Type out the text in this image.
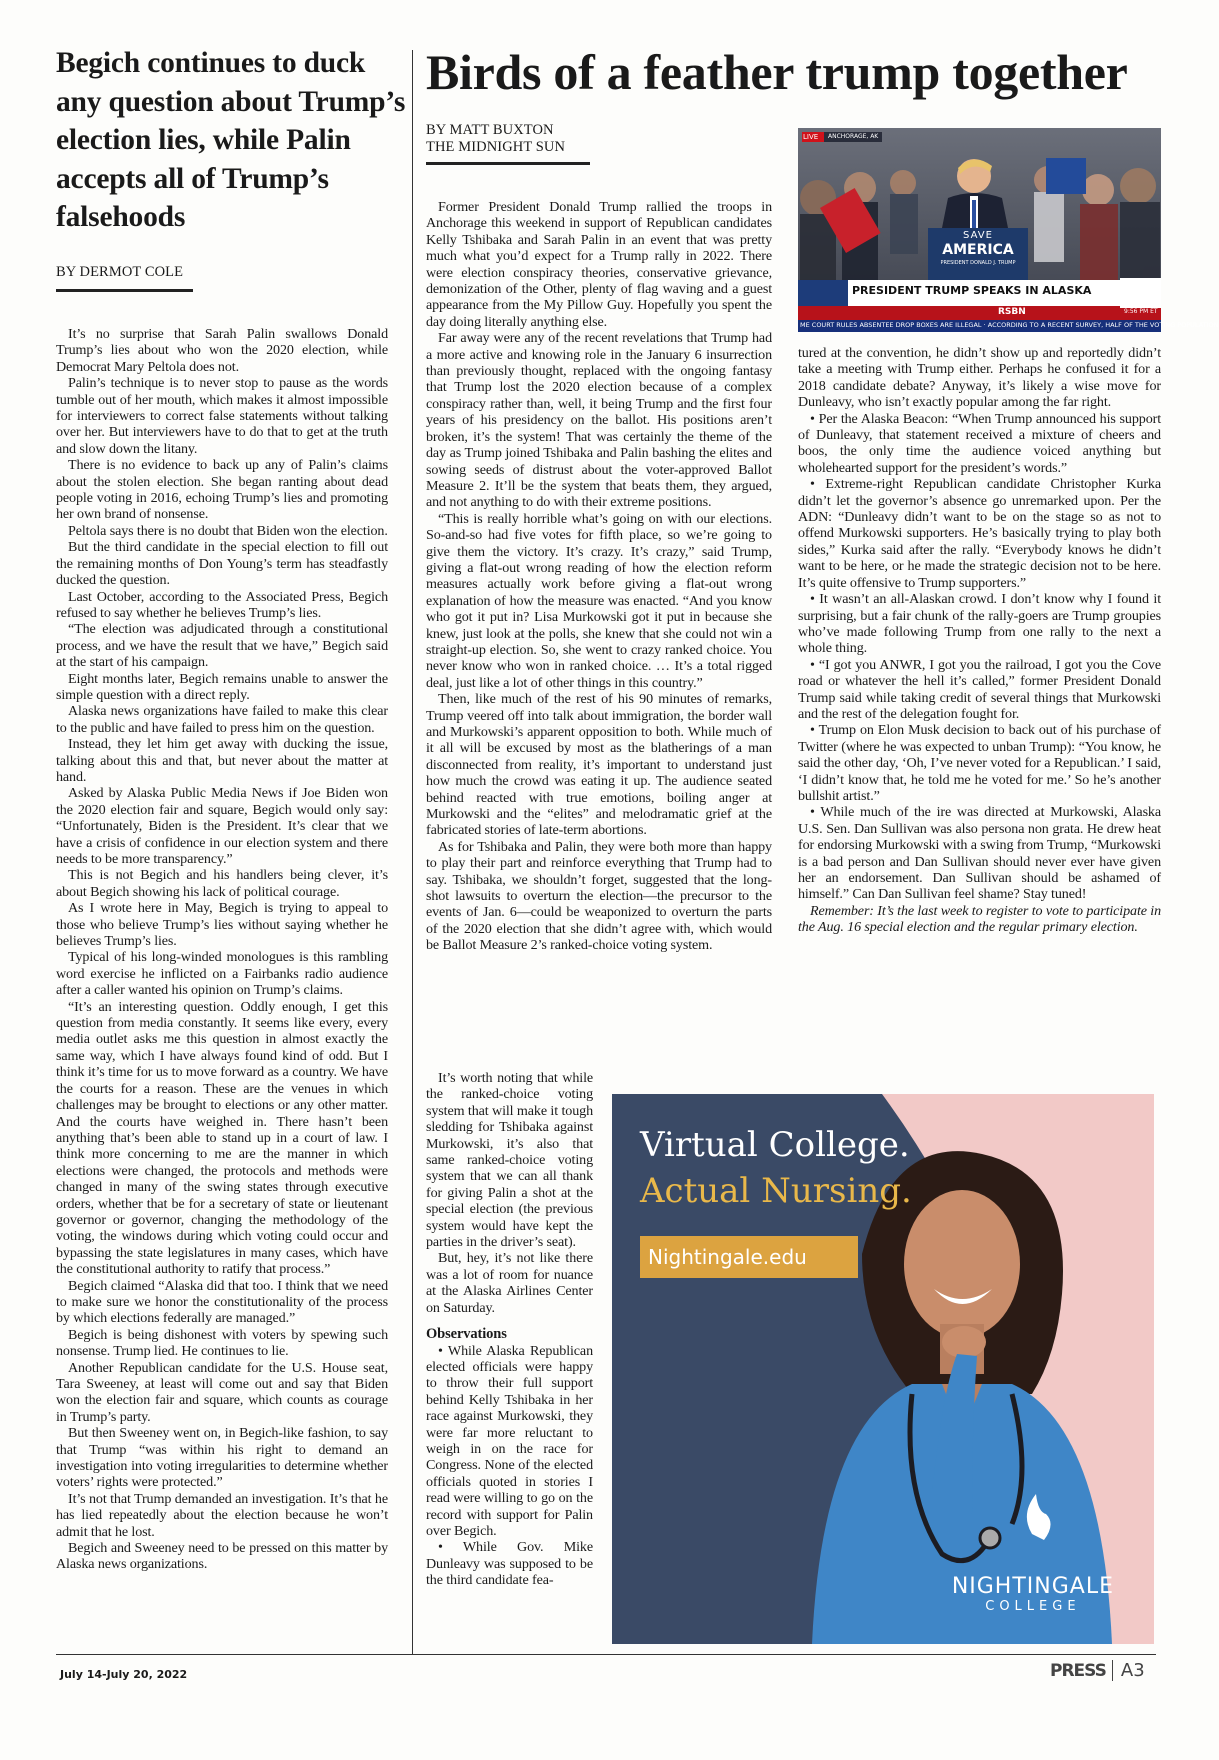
Begich continues to duck any question about Trump’s election lies, while Palin accepts all of Trump’s falsehoods
BY DERMOT COLE

It’s no surprise that Sarah Palin swallows Donald Trump’s lies about who won the 2020 election, while Democrat Mary Peltola does not.

Palin’s technique is to never stop to pause as the words tumble out of her mouth, which makes it almost impossible for interviewers to correct false statements without talking over her. But interviewers have to do that to get at the truth and slow down the litany.

There is no evidence to back up any of Palin’s claims about the stolen election. She began ranting about dead people voting in 2016, echoing Trump’s lies and promoting her own brand of nonsense.

Peltola says there is no doubt that Biden won the election.

But the third candidate in the special election to fill out the remaining months of Don Young’s term has steadfastly ducked the question.

Last October, according to the Associated Press, Begich refused to say whether he believes Trump’s lies.

“The election was adjudicated through a constitutional process, and we have the result that we have,” Begich said at the start of his campaign.

Eight months later, Begich remains unable to answer the simple question with a direct reply.

Alaska news organizations have failed to make this clear to the public and have failed to press him on the question.

Instead, they let him get away with ducking the issue, talking about this and that, but never about the matter at hand.

Asked by Alaska Public Media News if Joe Biden won the 2020 election fair and square, Begich would only say: “Unfortunately, Biden is the President. It’s clear that we have a crisis of confidence in our election system and there needs to be more transparency.”

This is not Begich and his handlers being clever, it’s about Begich showing his lack of political courage.

As I wrote here in May, Begich is trying to appeal to those who believe Trump’s lies without saying whether he believes Trump’s lies.

Typical of his long-winded monologues is this rambling word exercise he inflicted on a Fairbanks radio audience after a caller wanted his opinion on Trump’s claims.

“It’s an interesting question. Oddly enough, I get this question from media constantly. It seems like every, every media outlet asks me this question in almost exactly the same way, which I have always found kind of odd. But I think it’s time for us to move forward as a country. We have the courts for a reason. These are the venues in which challenges may be brought to elections or any other matter. And the courts have weighed in. There hasn’t been anything that’s been able to stand up in a court of law. I think more concerning to me are the manner in which elections were changed, the protocols and methods were changed in many of the swing states through executive orders, whether that be for a secretary of state or lieutenant governor or governor, changing the methodology of the voting, the windows during which voting could occur and bypassing the state legislatures in many cases, which have the constitutional authority to ratify that process.”

Begich claimed “Alaska did that too. I think that we need to make sure we honor the constitutionality of the process by which elections federally are managed.”

Begich is being dishonest with voters by spewing such nonsense. Trump lied. He continues to lie.

Another Republican candidate for the U.S. House seat, Tara Sweeney, at least will come out and say that Biden won the election fair and square, which counts as courage in Trump’s party.

But then Sweeney went on, in Begich-like fashion, to say that Trump “was within his right to demand an investigation into voting irregularities to determine whether voters’ rights were protected.”

It’s not that Trump demanded an investigation. It’s that he has lied repeatedly about the election because he won’t admit that he lost.

Begich and Sweeney need to be pressed on this matter by Alaska news organizations.

Birds of a feather trump together
BY MATT BUXTON
THE MIDNIGHT SUN

Former President Donald Trump rallied the troops in Anchorage this weekend in support of Republican candidates Kelly Tshibaka and Sarah Palin in an event that was pretty much what you’d expect for a Trump rally in 2022. There were election conspiracy theories, conservative grievance, demonization of the Other, plenty of flag waving and a guest appearance from the My Pillow Guy. Hopefully you spent the day doing literally anything else.

Far away were any of the recent revelations that Trump had a more active and knowing role in the January 6 insurrection than previously thought, replaced with the ongoing fantasy that Trump lost the 2020 election because of a complex conspiracy rather than, well, it being Trump and the first four years of his presidency on the ballot. His positions aren’t broken, it’s the system! That was certainly the theme of the day as Trump joined Tshibaka and Palin bashing the elites and sowing seeds of distrust about the voter-approved Ballot Measure 2. It’ll be the system that beats them, they argued, and not anything to do with their extreme positions.

“This is really horrible what’s going on with our elections. So-and-so had five votes for fifth place, so we’re going to give them the victory. It’s crazy. It’s crazy,” said Trump, giving a flat-out wrong reading of how the election reform measures actually work before giving a flat-out wrong explanation of how the measure was enacted. “And you know who got it put in? Lisa Murkowski got it put in because she knew, just look at the polls, she knew that she could not win a straight-up election. So, she went to crazy ranked choice. You never know who won in ranked choice. … It’s a total rigged deal, just like a lot of other things in this country.”

Then, like much of the rest of his 90 minutes of remarks, Trump veered off into talk about immigration, the border wall and Murkowski’s apparent opposition to both. While much of it all will be excused by most as the blatherings of a man disconnected from reality, it’s important to understand just how much the crowd was eating it up. The audience seated behind reacted with true emotions, boiling anger at Murkowski and the “elites” and melodramatic grief at the fabricated stories of late-term abortions.

As for Tshibaka and Palin, they were both more than happy to play their part and reinforce everything that Trump had to say. Tshibaka, we shouldn’t forget, suggested that the long-shot lawsuits to overturn the election—the precursor to the events of Jan. 6—could be weaponized to overturn the parts of the 2020 election that she didn’t agree with, which would be Ballot Measure 2’s ranked-choice voting system.

It’s worth noting that while the ranked-choice voting system that will make it tough sledding for Tshibaka against Murkowski, it’s also that same ranked-choice voting system that we can all thank for giving Palin a shot at the special election (the previous system would have kept the parties in the driver’s seat).

But, hey, it’s not like there was a lot of room for nuance at the Alaska Airlines Center on Saturday.

Observations

• While Alaska Republican elected officials were happy to throw their full support behind Kelly Tshibaka in her race against Murkowski, they were far more reluctant to weigh in on the race for Congress. None of the elected officials quoted in stories I read were willing to go on the record with support for Palin over Begich.

• While Gov. Mike Dunleavy was supposed to be the third candidate fea-

tured at the convention, he didn’t show up and reportedly didn’t take a meeting with Trump either. Perhaps he confused it for a 2018 candidate debate? Anyway, it’s likely a wise move for Dunleavy, who isn’t exactly popular among the far right.

• Per the Alaska Beacon: “When Trump announced his support of Dunleavy, that statement received a mixture of cheers and boos, the only time the audience voiced anything but wholehearted support for the president’s words.”

• Extreme-right Republican candidate Christopher Kurka didn’t let the governor’s absence go unremarked upon. Per the ADN: “Dunleavy didn’t want to be on the stage so as not to offend Murkowski supporters. He’s basically trying to play both sides,” Kurka said after the rally. “Everybody knows he didn’t want to be here, or he made the strategic decision not to be here. It’s quite offensive to Trump supporters.”

• It wasn’t an all-Alaskan crowd. I don’t know why I found it surprising, but a fair chunk of the rally-goers are Trump groupies who’ve made following Trump from one rally to the next a whole thing.

• “I got you ANWR, I got you the railroad, I got you the Cove road or whatever the hell it’s called,” former President Donald Trump said while taking credit of several things that Murkowski and the rest of the delegation fought for.

• Trump on Elon Musk decision to back out of his purchase of Twitter (where he was expected to unban Trump): “You know, he said the other day, ‘Oh, I’ve never voted for a Republican.’ I said, ‘I didn’t know that, he told me he voted for me.’ So he’s another bullshit artist.”

• While much of the ire was directed at Murkowski, Alaska U.S. Sen. Dan Sullivan was also persona non grata. He drew heat for endorsing Murkowski with a swing from Trump, “Murkowski is a bad person and Dan Sullivan should never ever have given her an endorsement. Dan Sullivan should be ashamed of himself.” Can Dan Sullivan feel shame? Stay tuned!

Remember: It’s the last week to register to vote to participate in the Aug. 16 special election and the regular primary election.

LIVE ANCHORAGE, AK
SAVE
AMERICA
PRESIDENT DONALD J. TRUMP
PRESIDENT TRUMP SPEAKS IN ALASKA
RSBN	9:56 PM ET
ME COURT RULES ABSENTEE DROP BOXES ARE ILLEGAL · ACCORDING TO A RECENT SURVEY, HALF OF THE VOTING POPULATION
Virtual College.
Actual Nursing.
Nightingale.edu
NIGHTINGALE
COLLEGE
July 14-July 20, 2022	PRESS A3
